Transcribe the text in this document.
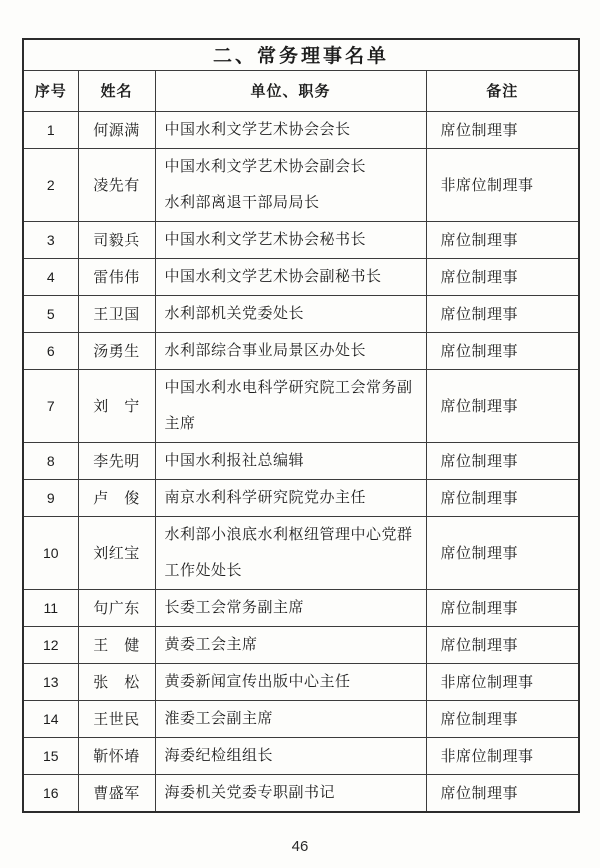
二、常务理事名单			
序号	姓名	单位、职务	备注
1	何源满	中国水利文学艺术协会会长	席位制理事
2	凌先有	中国水利文学艺术协会副会长
水利部离退干部局局长	非席位制理事
3	司毅兵	中国水利文学艺术协会秘书长	席位制理事
4	雷伟伟	中国水利文学艺术协会副秘书长	席位制理事
5	王卫国	水利部机关党委处长	席位制理事
6	汤勇生	水利部综合事业局景区办处长	席位制理事
7	刘　宁	中国水利水电科学研究院工会常务副
主席	席位制理事
8	李先明	中国水利报社总编辑	席位制理事
9	卢　俊	南京水利科学研究院党办主任	席位制理事
10	刘红宝	水利部小浪底水利枢纽管理中心党群
工作处处长	席位制理事
11	句广东	长委工会常务副主席	席位制理事
12	王　健	黄委工会主席	席位制理事
13	张　松	黄委新闻宣传出版中心主任	非席位制理事
14	王世民	淮委工会副主席	席位制理事
15	靳怀堾	海委纪检组组长	非席位制理事
16	曹盛军	海委机关党委专职副书记	席位制理事
46
